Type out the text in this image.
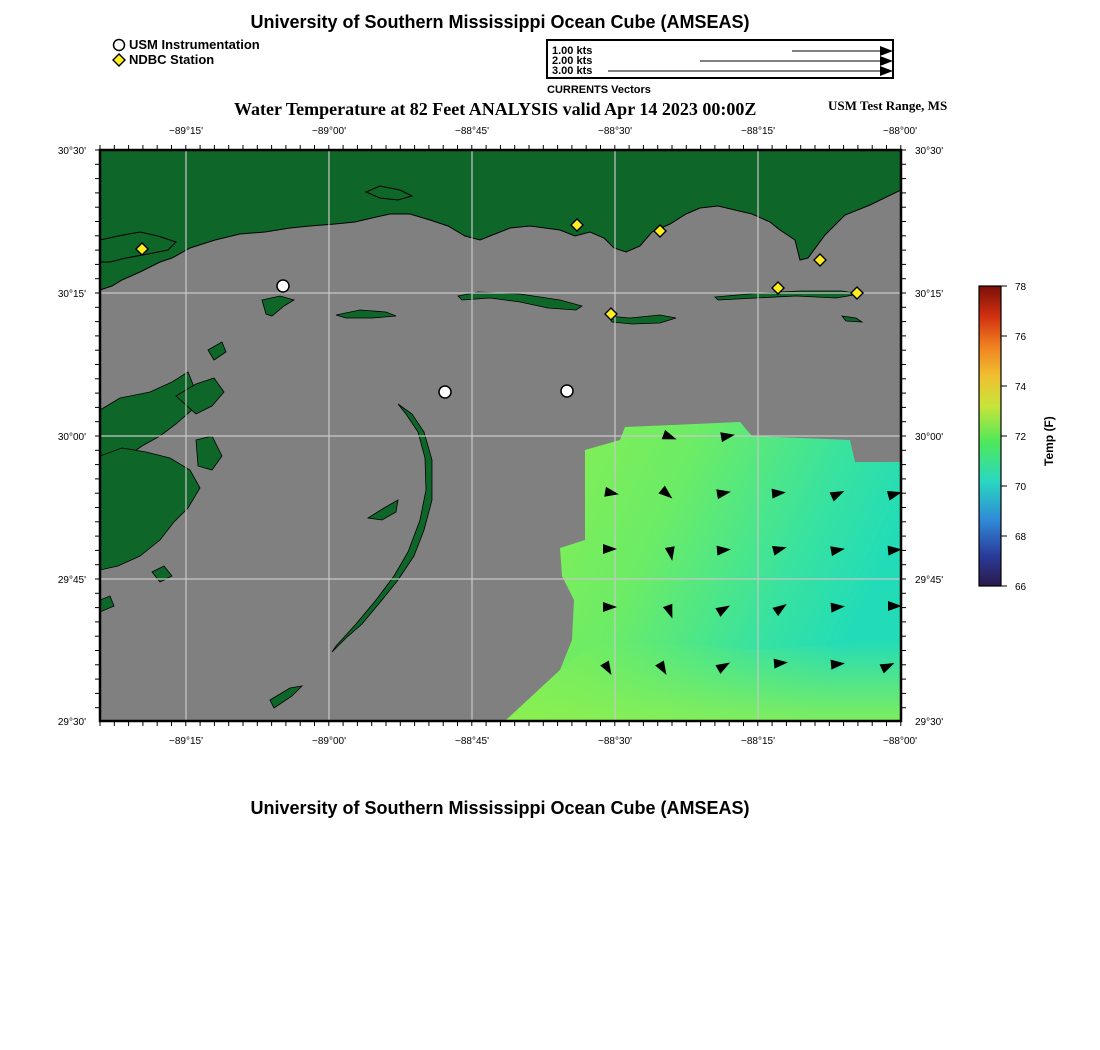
University of Southern Mississippi Ocean Cube (AMSEAS)
USM Instrumentation
NDBC Station
1.00 kts
2.00 kts
3.00 kts
CURRENTS Vectors
Water Temperature at 82 Feet ANALYSIS valid Apr 14 2023 00:00Z	USM Test Range, MS
−89°15'	−89°00'	−88°45'	−88°30'	−88°15'	−88°00'
−89°15'	−89°00'	−88°45'	−88°30'	−88°15'	−88°00'
30°30'
30°15'
30°00'
29°45'
29°30'
30°30'
30°15'
30°00'
29°45'
29°30'
78
76
74
72
70
68
66
Temp (F)
University of Southern Mississippi Ocean Cube (AMSEAS)
